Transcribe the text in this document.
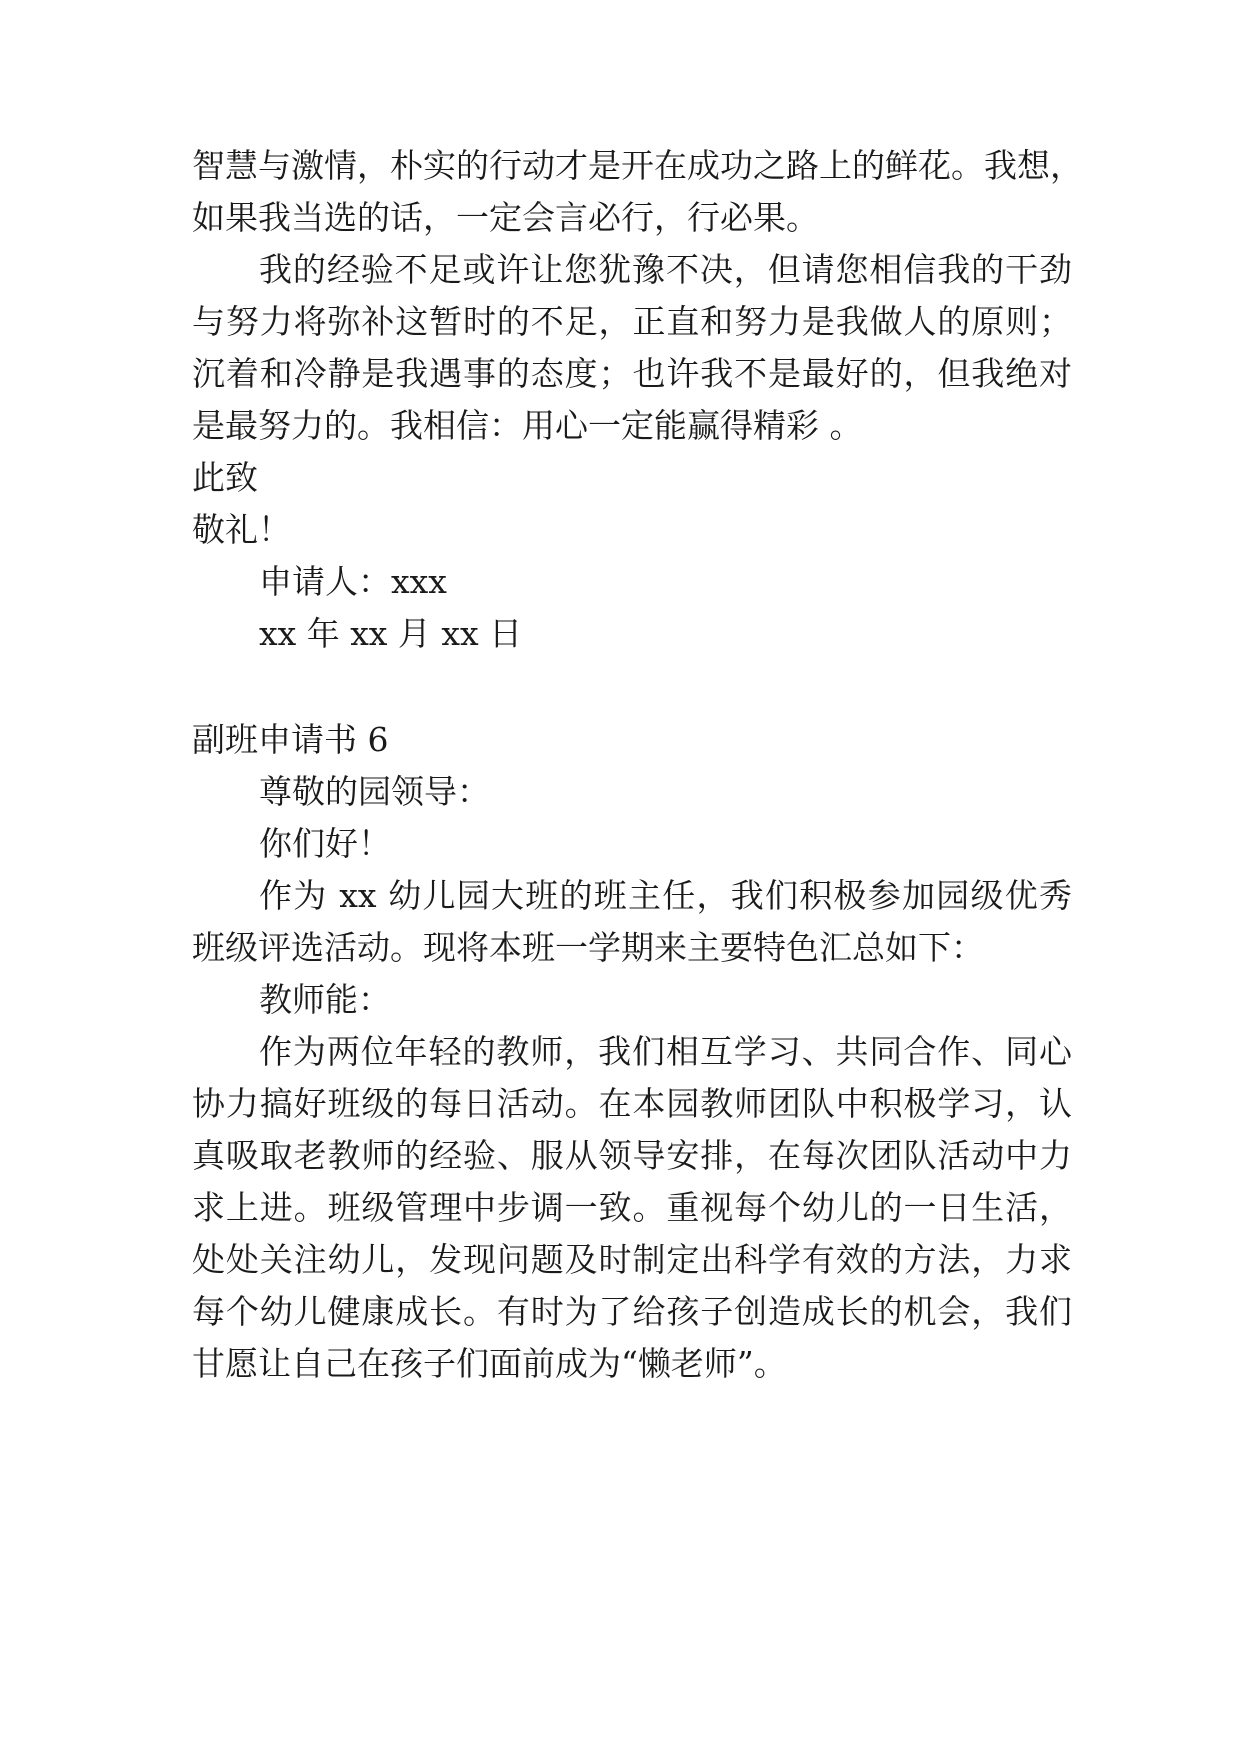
智慧与激情，朴实的行动才是开在成功之路上的鲜花。我想，
如果我当选的话，一定会言必行，行必果。
我的经验不足或许让您犹豫不决，但请您相信我的干劲
与努力将弥补这暂时的不足，正直和努力是我做人的原则；
沉着和冷静是我遇事的态度；也许我不是最好的，但我绝对
是最努力的。我相信：用心一定能赢得精彩 。
此致
敬礼！
申请人：xxx
xx 年 xx 月 xx 日
副班申请书 6
尊敬的园领导：
你们好！
作为 xx 幼儿园大班的班主任，我们积极参加园级优秀
班级评选活动。现将本班一学期来主要特色汇总如下：
教师能：
作为两位年轻的教师，我们相互学习、共同合作、同心
协力搞好班级的每日活动。在本园教师团队中积极学习，认
真吸取老教师的经验、服从领导安排，在每次团队活动中力
求上进。班级管理中步调一致。重视每个幼儿的一日生活，
处处关注幼儿，发现问题及时制定出科学有效的方法，力求
每个幼儿健康成长。有时为了给孩子创造成长的机会，我们
甘愿让自己在孩子们面前成为“懒老师”。
